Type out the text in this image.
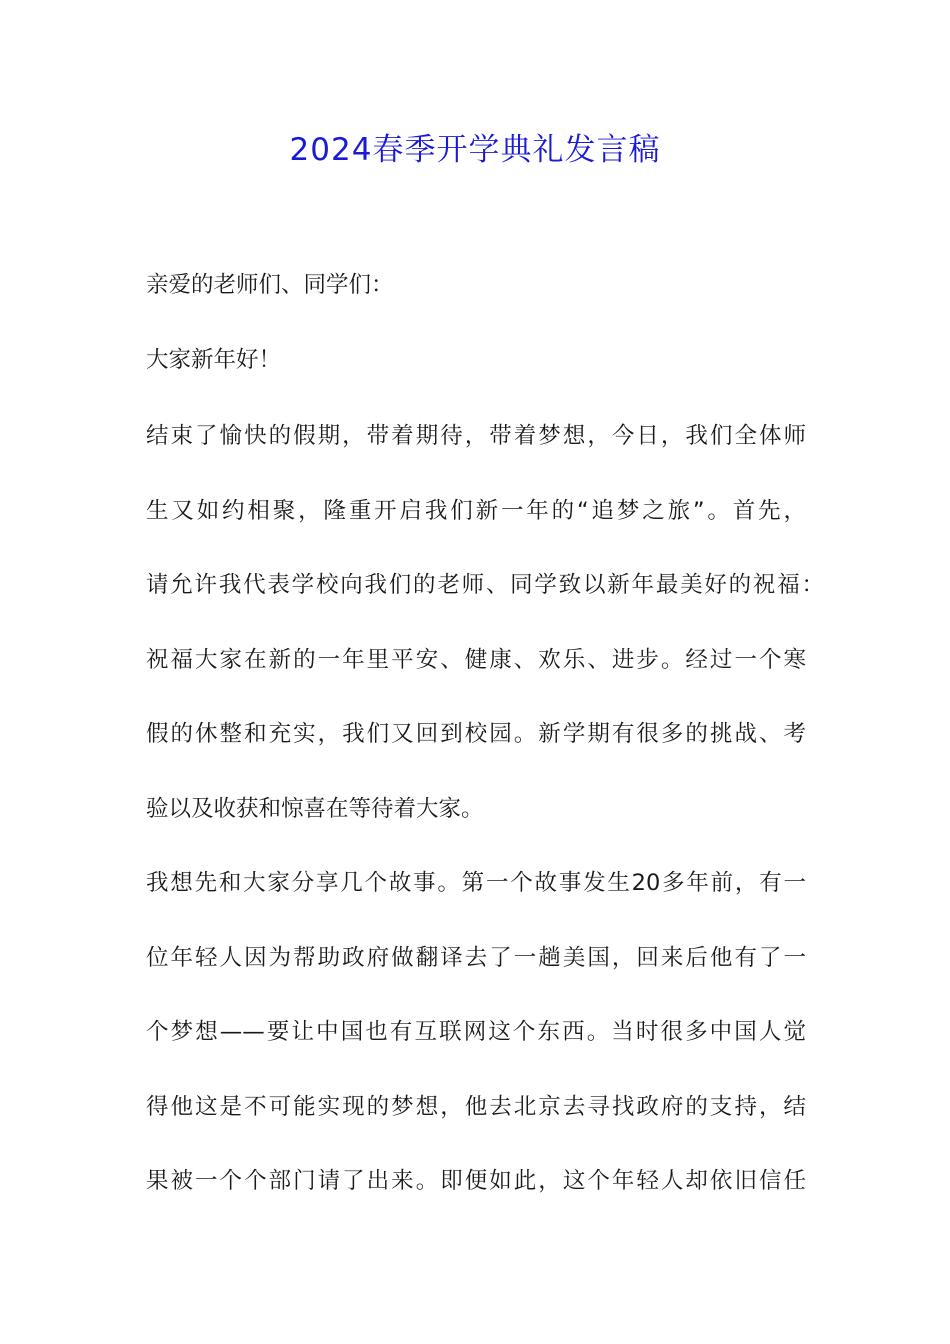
2024春季开学典礼发言稿
亲爱的老师们、同学们：
大家新年好！
结束了愉快的假期，带着期待，带着梦想，今日，我们全体师
生又如约相聚，隆重开启我们新一年的“追梦之旅”。首先，
请允许我代表学校向我们的老师、同学致以新年最美好的祝福：
祝福大家在新的一年里平安、健康、欢乐、进步。经过一个寒
假的休整和充实，我们又回到校园。新学期有很多的挑战、考
验以及收获和惊喜在等待着大家。
我想先和大家分享几个故事。第一个故事发生20多年前，有一
位年轻人因为帮助政府做翻译去了一趟美国，回来后他有了一
个梦想——要让中国也有互联网这个东西。当时很多中国人觉
得他这是不可能实现的梦想，他去北京去寻找政府的支持，结
果被一个个部门请了出来。即便如此，这个年轻人却依旧信任
